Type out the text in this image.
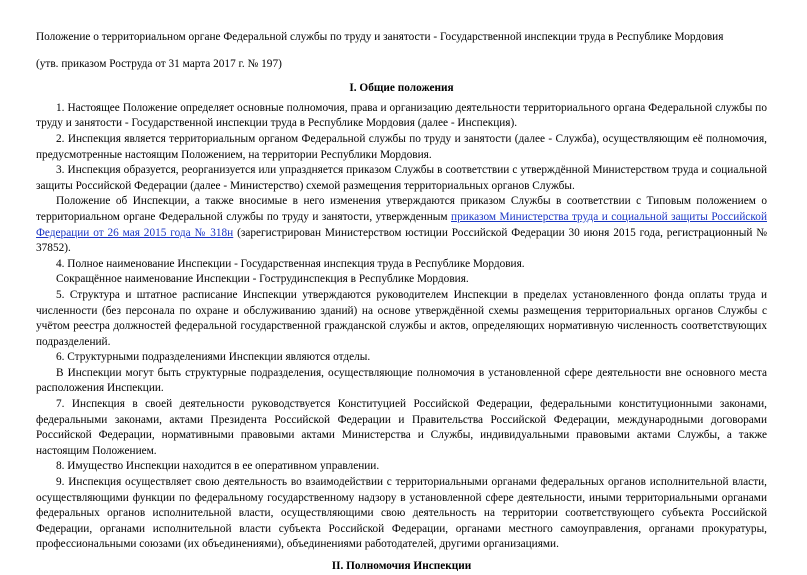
Положение о территориальном органе Федеральной службы по труду и занятости - Государственной инспекции труда в Республике Мордовия

(утв. приказом Роструда от 31 марта 2017 г. № 197)

I. Общие положения

1. Настоящее Положение определяет основные полномочия, права и организацию деятельности территориального органа Федеральной службы по труду и занятости - Государственной инспекции труда в Республике Мордовия (далее - Инспекция).

2. Инспекция является территориальным органом Федеральной службы по труду и занятости (далее - Служба), осуществляющим её полномочия, предусмотренные настоящим Положением, на территории Республики Мордовия.

3. Инспекция образуется, реорганизуется или упраздняется приказом Службы в соответствии с утверждённой Министерством труда и социальной защиты Российской Федерации (далее - Министерство) схемой размещения территориальных органов Службы.

Положение об Инспекции, а также вносимые в него изменения утверждаются приказом Службы в соответствии с Типовым положением о территориальном органе Федеральной службы по труду и занятости, утвержденным приказом Министерства труда и социальной защиты Российской Федерации от 26 мая 2015 года № 318н (зарегистрирован Министерством юстиции Российской Федерации 30 июня 2015 года, регистрационный № 37852).

4. Полное наименование Инспекции - Государственная инспекция труда в Республике Мордовия.

Сокращённое наименование Инспекции - Гострудинспекция в Республике Мордовия.

5. Структура и штатное расписание Инспекции утверждаются руководителем Инспекции в пределах установленного фонда оплаты труда и численности (без персонала по охране и обслуживанию зданий) на основе утверждённой схемы размещения территориальных органов Службы с учётом реестра должностей федеральной государственной гражданской службы и актов, определяющих нормативную численность соответствующих подразделений.

6. Структурными подразделениями Инспекции являются отделы.

В Инспекции могут быть структурные подразделения, осуществляющие полномочия в установленной сфере деятельности вне основного места расположения Инспекции.

7. Инспекция в своей деятельности руководствуется Конституцией Российской Федерации, федеральными конституционными законами, федеральными законами, актами Президента Российской Федерации и Правительства Российской Федерации, международными договорами Российской Федерации, нормативными правовыми актами Министерства и Службы, индивидуальными правовыми актами Службы, а также настоящим Положением.

8. Имущество Инспекции находится в ее оперативном управлении.

9. Инспекция осуществляет свою деятельность во взаимодействии с территориальными органами федеральных органов исполнительной власти, осуществляющими функции по федеральному государственному надзору в установленной сфере деятельности, иными территориальными органами федеральных органов исполнительной власти, осуществляющими свою деятельность на территории соответствующего субъекта Российской Федерации, органами исполнительной власти субъекта Российской Федерации, органами местного самоуправления, органами прокуратуры, профессиональными союзами (их объединениями), объединениями работодателей, другими организациями.

II. Полномочия Инспекции
